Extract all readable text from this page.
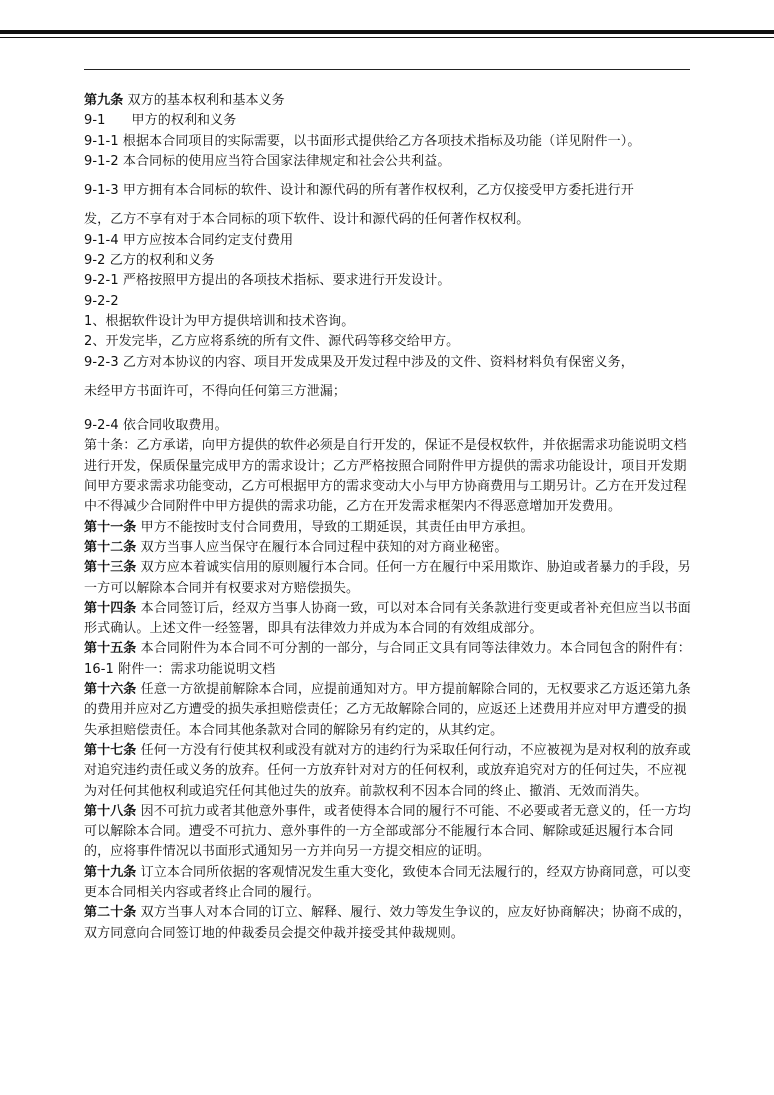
第九条 双方的基本权利和基本义务

9-1 甲方的权利和义务

9-1-1 根据本合同项目的实际需要，以书面形式提供给乙方各项技术指标及功能（详见附件一）。

9-1-2 本合同标的使用应当符合国家法律规定和社会公共利益。

9-1-3 甲方拥有本合同标的软件、设计和源代码的所有著作权权利，乙方仅接受甲方委托进行开

发，乙方不享有对于本合同标的项下软件、设计和源代码的任何著作权权利。

9-1-4 甲方应按本合同约定支付费用

9-2 乙方的权利和义务

9-2-1 严格按照甲方提出的各项技术指标、要求进行开发设计。

9-2-2

1、根据软件设计为甲方提供培训和技术咨询。

2、开发完毕，乙方应将系统的所有文件、源代码等移交给甲方。

9-2-3 乙方对本协议的内容、项目开发成果及开发过程中涉及的文件、资料材料负有保密义务，

未经甲方书面许可，不得向任何第三方泄漏；

9-2-4 依合同收取费用。

第十条：乙方承诺，向甲方提供的软件必须是自行开发的，保证不是侵权软件，并依据需求功能说明文档进行开发，保质保量完成甲方的需求设计；乙方严格按照合同附件甲方提供的需求功能设计，项目开发期间甲方要求需求功能变动，乙方可根据甲方的需求变动大小与甲方协商费用与工期另计。乙方在开发过程中不得减少合同附件中甲方提供的需求功能，乙方在开发需求框架内不得恶意增加开发费用。

第十一条 甲方不能按时支付合同费用，导致的工期延误，其责任由甲方承担。

第十二条 双方当事人应当保守在履行本合同过程中获知的对方商业秘密。

第十三条 双方应本着诚实信用的原则履行本合同。任何一方在履行中采用欺诈、胁迫或者暴力的手段，另一方可以解除本合同并有权要求对方赔偿损失。

第十四条 本合同签订后，经双方当事人协商一致，可以对本合同有关条款进行变更或者补充但应当以书面形式确认。上述文件一经签署，即具有法律效力并成为本合同的有效组成部分。

第十五条 本合同附件为本合同不可分割的一部分，与合同正文具有同等法律效力。本合同包含的附件有：

16-1 附件一：需求功能说明文档

第十六条 任意一方欲提前解除本合同，应提前通知对方。甲方提前解除合同的，无权要求乙方返还第九条的费用并应对乙方遭受的损失承担赔偿责任；乙方无故解除合同的，应返还上述费用并应对甲方遭受的损失承担赔偿责任。本合同其他条款对合同的解除另有约定的，从其约定。

第十七条 任何一方没有行使其权利或没有就对方的违约行为采取任何行动，不应被视为是对权利的放弃或对追究违约责任或义务的放弃。任何一方放弃针对对方的任何权利，或放弃追究对方的任何过失，不应视为对任何其他权利或追究任何其他过失的放弃。前款权利不因本合同的终止、撤消、无效而消失。

第十八条 因不可抗力或者其他意外事件，或者使得本合同的履行不可能、不必要或者无意义的，任一方均可以解除本合同。遭受不可抗力、意外事件的一方全部或部分不能履行本合同、解除或延迟履行本合同的，应将事件情况以书面形式通知另一方并向另一方提交相应的证明。

第十九条 订立本合同所依据的客观情况发生重大变化，致使本合同无法履行的，经双方协商同意，可以变更本合同相关内容或者终止合同的履行。

第二十条 双方当事人对本合同的订立、解释、履行、效力等发生争议的，应友好协商解决；协商不成的，双方同意向合同签订地的仲裁委员会提交仲裁并接受其仲裁规则。
